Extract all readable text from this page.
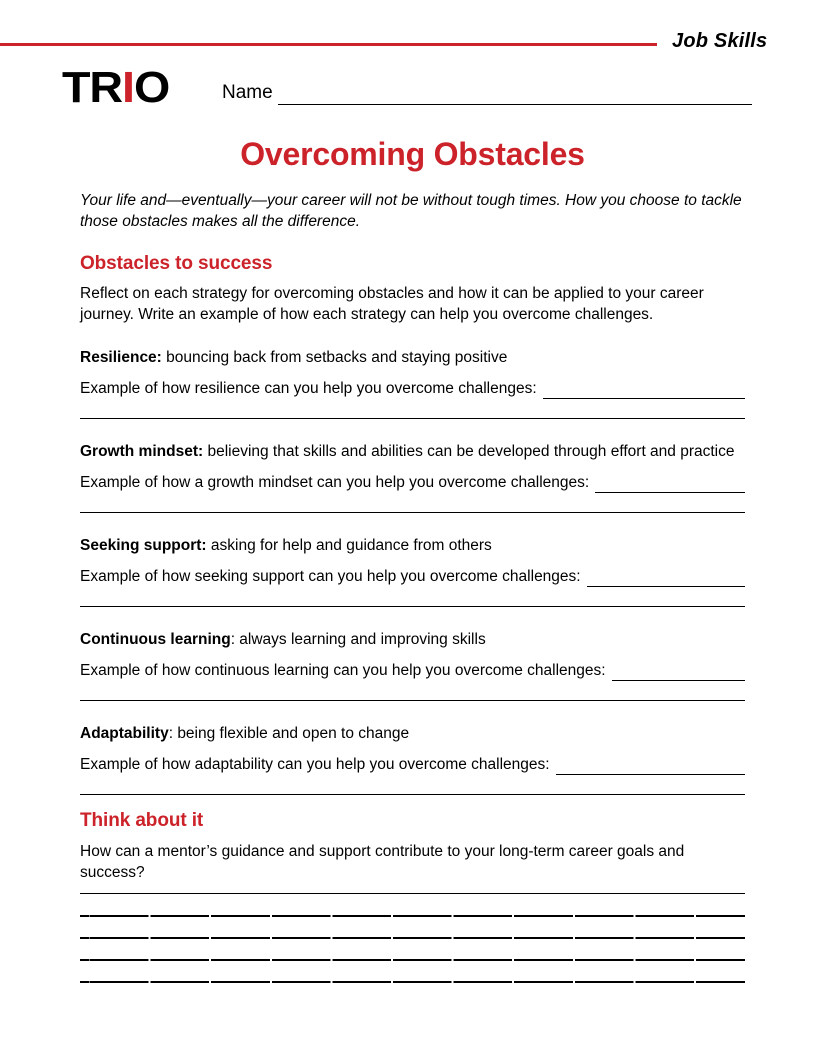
Job Skills
TRIO	Name
Overcoming Obstacles
Your life and—eventually—your career will not be without tough times. How you choose to tackle those obstacles makes all the difference.
Obstacles to success
Reflect on each strategy for overcoming obstacles and how it can be applied to your career journey. Write an example of how each strategy can help you overcome challenges.
Resilience: bouncing back from setbacks and staying positive
Example of how resilience can you help you overcome challenges:
Growth mindset: believing that skills and abilities can be developed through effort and practice
Example of how a growth mindset can you help you overcome challenges:
Seeking support: asking for help and guidance from others
Example of how seeking support can you help you overcome challenges:
Continuous learning: always learning and improving skills
Example of how continuous learning can you help you overcome challenges:
Adaptability: being flexible and open to change
Example of how adaptability can you help you overcome challenges:
Think about it
How can a mentor’s guidance and support contribute to your long-term career goals and success?
